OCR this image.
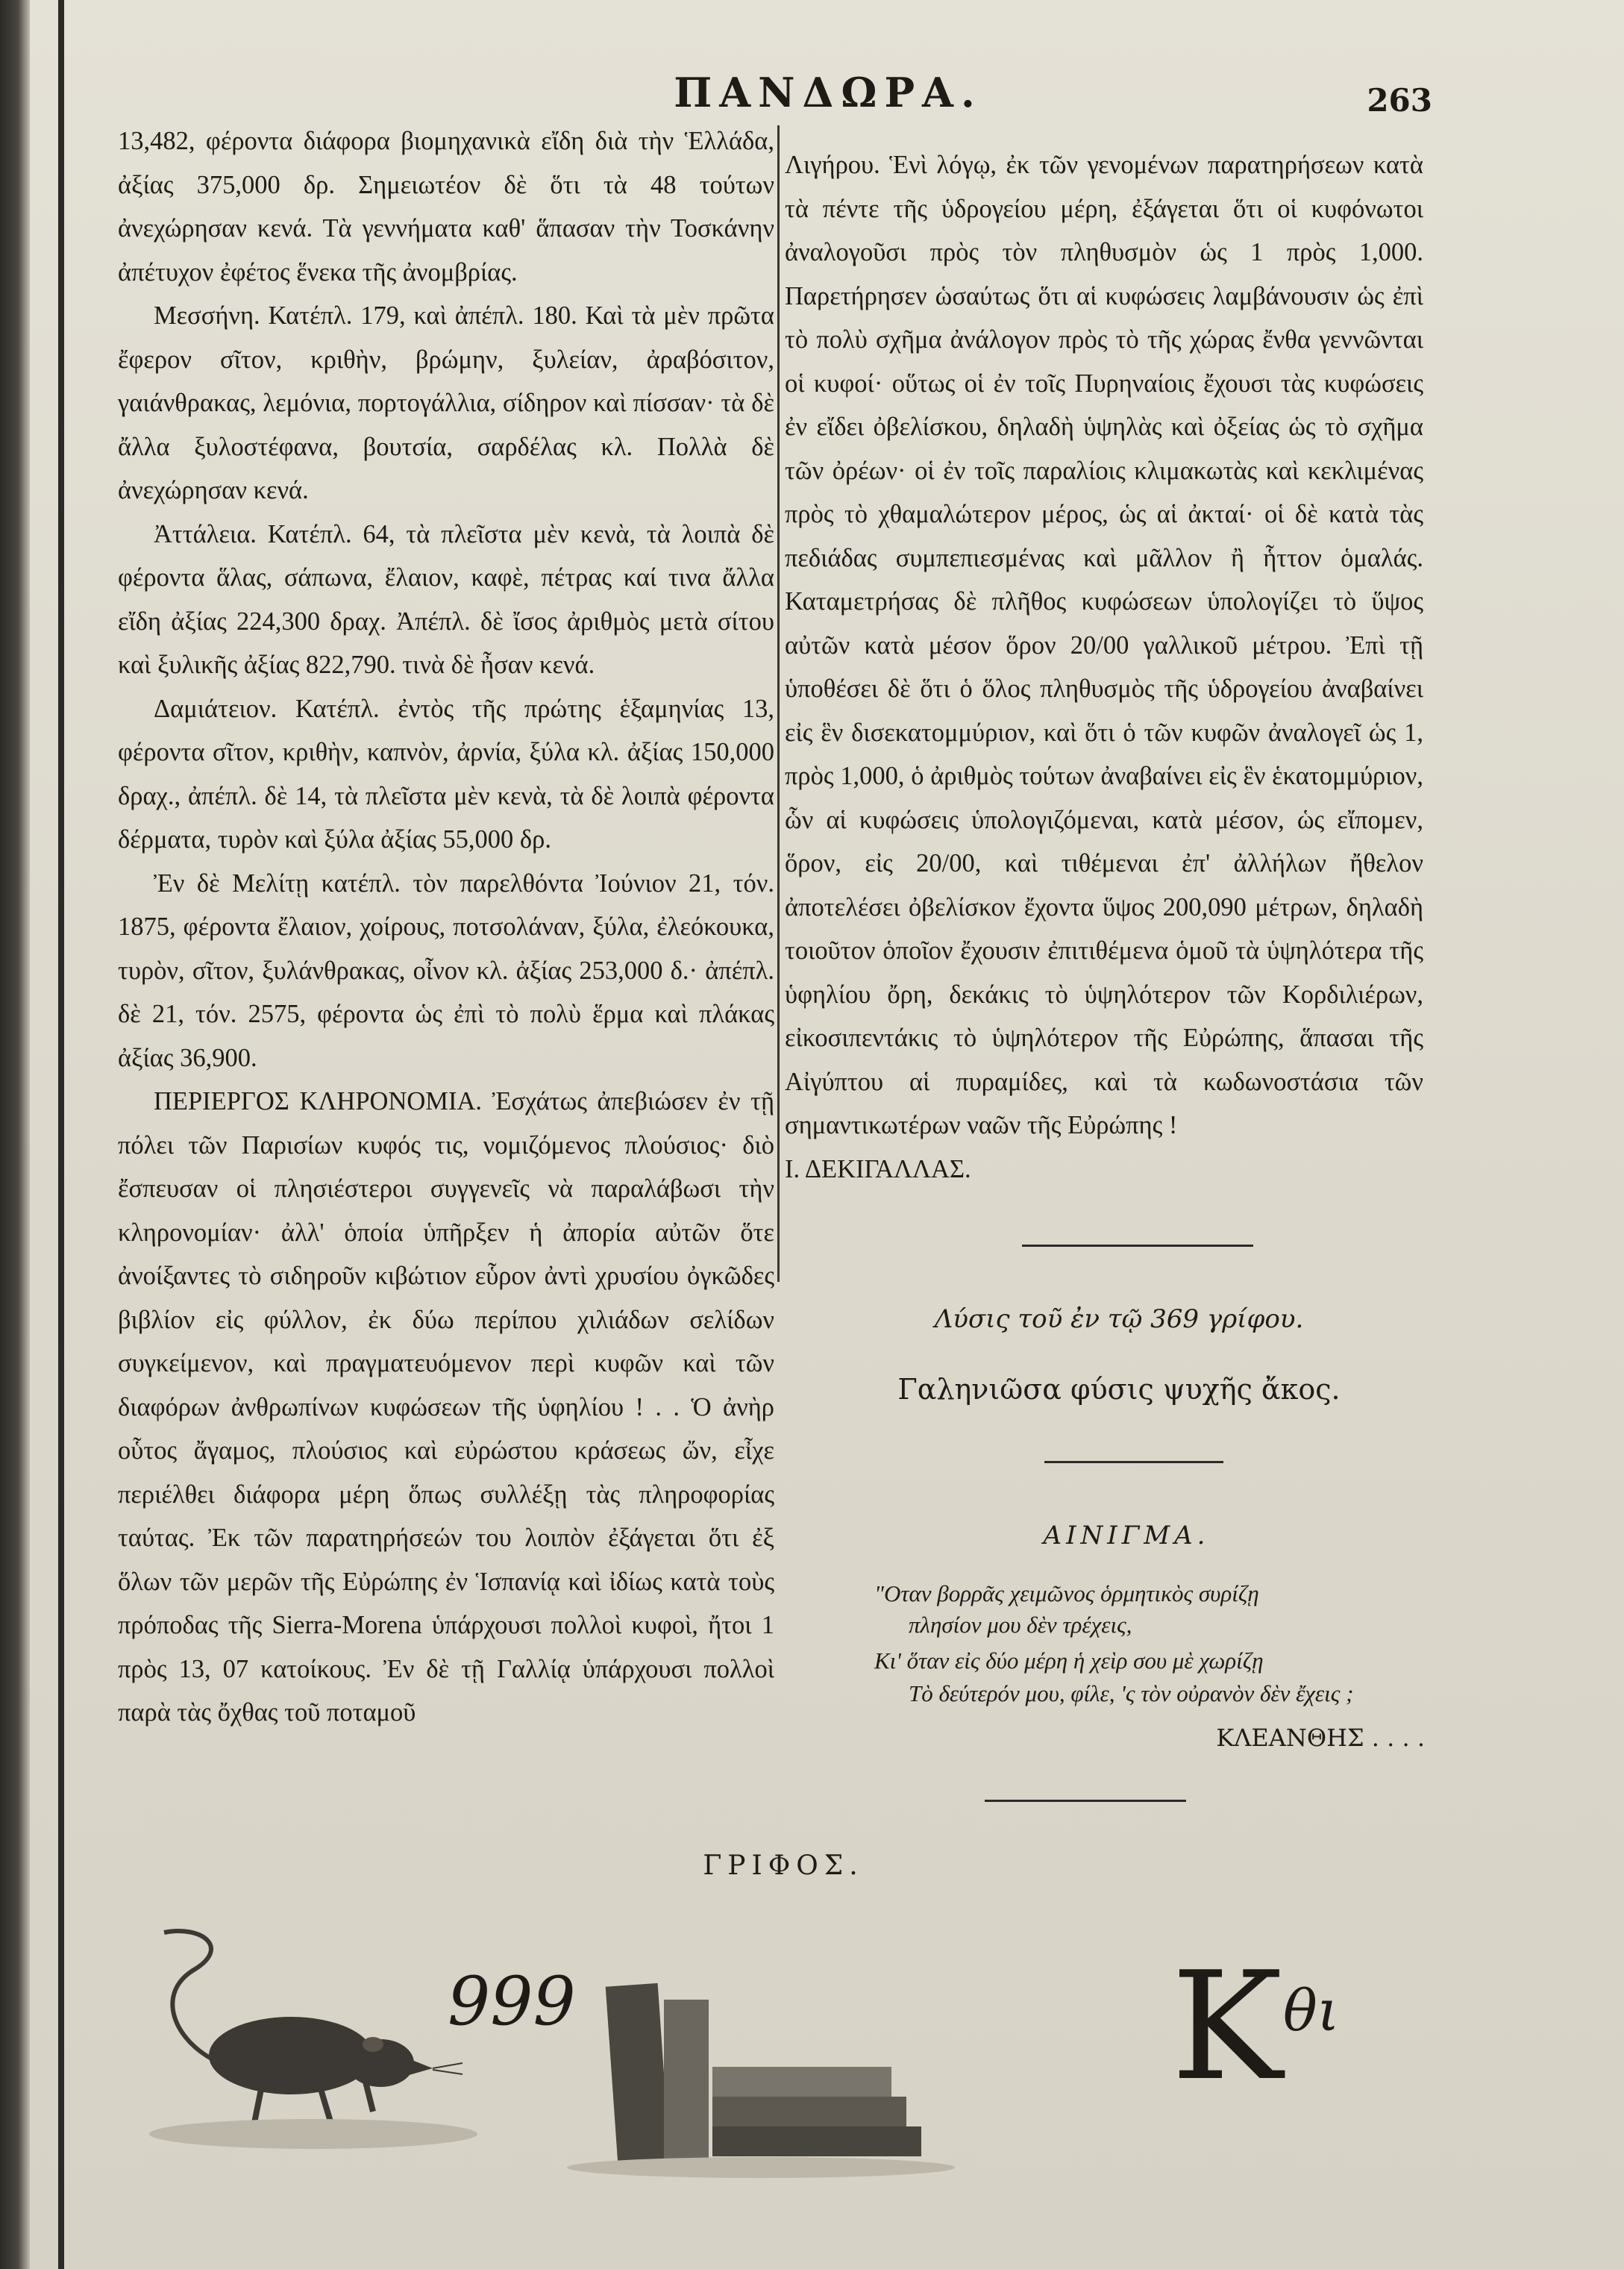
ΠΑΝΔΩΡΑ.	263

13,482, φέροντα διάφορα βιομηχανικὰ εἴδη διὰ τὴν Ἑλλάδα, ἀξίας 375,000 δρ. Σημειωτέον δὲ ὅτι τὰ 48 τούτων ἀνεχώρησαν κενά. Τὰ γεννήματα καθ' ἅπασαν τὴν Τοσκάνην ἀπέτυχον ἐφέτος ἕνεκα τῆς ἀνομβρίας.

Μεσσήνη. Κατέπλ. 179, καὶ ἀπέπλ. 180. Καὶ τὰ μὲν πρῶτα ἔφερον σῖτον, κριθὴν, βρώμην, ξυλείαν, ἀραβόσιτον, γαιάνθρακας, λεμόνια, πορτογάλλια, σίδηρον καὶ πίσσαν· τὰ δὲ ἄλλα ξυλοστέφανα, βουτσία, σαρδέλας κλ. Πολλὰ δὲ ἀνεχώρησαν κενά.

Ἀττάλεια. Κατέπλ. 64, τὰ πλεῖστα μὲν κενὰ, τὰ λοιπὰ δὲ φέροντα ἅλας, σάπωνα, ἔλαιον, καφὲ, πέτρας καί τινα ἄλλα εἴδη ἀξίας 224,300 δραχ. Ἀπέπλ. δὲ ἴσος ἀριθμὸς μετὰ σίτου καὶ ξυλικῆς ἀξίας 822,790. τινὰ δὲ ἦσαν κενά.

Δαμιάτειον. Κατέπλ. ἐντὸς τῆς πρώτης ἑξαμηνίας 13, φέροντα σῖτον, κριθὴν, καπνὸν, ἀρνία, ξύλα κλ. ἀξίας 150,000 δραχ., ἀπέπλ. δὲ 14, τὰ πλεῖστα μὲν κενὰ, τὰ δὲ λοιπὰ φέροντα δέρματα, τυρὸν καὶ ξύλα ἀξίας 55,000 δρ.

Ἐν δὲ Μελίτῃ κατέπλ. τὸν παρελθόντα Ἰούνιον 21, τόν. 1875, φέροντα ἔλαιον, χοίρους, ποτσολάναν, ξύλα, ἐλεόκουκα, τυρὸν, σῖτον, ξυλάνθρακας, οἶνον κλ. ἀξίας 253,000 δ.· ἀπέπλ. δὲ 21, τόν. 2575, φέροντα ὡς ἐπὶ τὸ πολὺ ἕρμα καὶ πλάκας ἀξίας 36,900.

ΠΕΡΙΕΡΓΟΣ ΚΛΗΡΟΝΟΜΙΑ. Ἐσχάτως ἀπεβιώσεν ἐν τῇ πόλει τῶν Παρισίων κυφός τις, νομιζόμενος πλούσιος· διὸ ἔσπευσαν οἱ πλησιέστεροι συγγενεῖς νὰ παραλάβωσι τὴν κληρονομίαν· ἀλλ' ὁποία ὑπῆρξεν ἡ ἀπορία αὐτῶν ὅτε ἀνοίξαντες τὸ σιδηροῦν κιβώτιον εὗρον ἀντὶ χρυσίου ὀγκῶδες βιβλίον εἰς φύλλον, ἐκ δύω περίπου χιλιάδων σελίδων συγκείμενον, καὶ πραγματευόμενον περὶ κυφῶν καὶ τῶν διαφόρων ἀνθρωπίνων κυφώσεων τῆς ὑφηλίου ! . . Ὁ ἀνὴρ οὗτος ἄγαμος, πλούσιος καὶ εὐρώστου κράσεως ὤν, εἶχε περιέλθει διάφορα μέρη ὅπως συλλέξῃ τὰς πληροφορίας ταύτας. Ἐκ τῶν παρατηρήσεών του λοιπὸν ἐξάγεται ὅτι ἐξ ὅλων τῶν μερῶν τῆς Εὐρώπης ἐν Ἱσπανίᾳ καὶ ἰδίως κατὰ τοὺς πρόποδας τῆς Sierra-Morena ὑπάρχουσι πολλοὶ κυφοὶ, ἤτοι 1 πρὸς 13, 07 κατοίκους. Ἐν δὲ τῇ Γαλλίᾳ ὑπάρχουσι πολλοὶ παρὰ τὰς ὄχθας τοῦ ποταμοῦ

Λιγήρου. Ἑνὶ λόγῳ, ἐκ τῶν γενομένων παρατηρήσεων κατὰ τὰ πέντε τῆς ὑδρογείου μέρη, ἐξάγεται ὅτι οἱ κυφόνωτοι ἀναλογοῦσι πρὸς τὸν πληθυσμὸν ὡς 1 πρὸς 1,000. Παρετήρησεν ὡσαύτως ὅτι αἱ κυφώσεις λαμβάνουσιν ὡς ἐπὶ τὸ πολὺ σχῆμα ἀνάλογον πρὸς τὸ τῆς χώρας ἔνθα γεννῶνται οἱ κυφοί· οὕτως οἱ ἐν τοῖς Πυρηναίοις ἔχουσι τὰς κυφώσεις ἐν εἴδει ὀβελίσκου, δηλαδὴ ὑψηλὰς καὶ ὀξείας ὡς τὸ σχῆμα τῶν ὀρέων· οἱ ἐν τοῖς παραλίοις κλιμακωτὰς καὶ κεκλιμένας πρὸς τὸ χθαμαλώτερον μέρος, ὡς αἱ ἀκταί· οἱ δὲ κατὰ τὰς πεδιάδας συμπεπιεσμένας καὶ μᾶλλον ἢ ἧττον ὁμαλάς. Καταμετρήσας δὲ πλῆθος κυφώσεων ὑπολογίζει τὸ ὕψος αὐτῶν κατὰ μέσον ὅρον 20/00 γαλλικοῦ μέτρου. Ἐπὶ τῇ ὑποθέσει δὲ ὅτι ὁ ὅλος πληθυσμὸς τῆς ὑδρογείου ἀναβαίνει εἰς ἓν δισεκατομμύριον, καὶ ὅτι ὁ τῶν κυφῶν ἀναλογεῖ ὡς 1, πρὸς 1,000, ὁ ἀριθμὸς τούτων ἀναβαίνει εἰς ἓν ἑκατομμύριον, ὧν αἱ κυφώσεις ὑπολογιζόμεναι, κατὰ μέσον, ὡς εἴπομεν, ὅρον, εἰς 20/00, καὶ τιθέμεναι ἐπ' ἀλλήλων ἤθελον ἀποτελέσει ὀβελίσκον ἔχοντα ὕψος 200,090 μέτρων, δηλαδὴ τοιοῦτον ὁποῖον ἔχουσιν ἐπιτιθέμενα ὁμοῦ τὰ ὑψηλότερα τῆς ὑφηλίου ὄρη, δεκάκις τὸ ὑψηλότερον τῶν Κορδιλιέρων, εἰκοσιπεντάκις τὸ ὑψηλότερον τῆς Εὐρώπης, ἅπασαι τῆς Αἰγύπτου αἱ πυραμίδες, καὶ τὰ κωδωνοστάσια τῶν σημαντικωτέρων ναῶν τῆς Εὐρώπης !

Ι. ΔΕΚΙΓΑΛΛΑΣ.

Λύσις τοῦ ἐν τῷ 369 γρίφου.
Γαληνιῶσα φύσις ψυχῆς ἄκος.
ΑΙΝΙΓΜΑ.
"Οταν βορρᾶς χειμῶνος ὁρμητικὸς συρίζῃ
πλησίον μου δὲν τρέχεις,
Κι' ὅταν εἰς δύο μέρη ἡ χεὶρ σου μὲ χωρίζῃ
Τὸ δεύτερόν μου, φίλε, 'ς τὸν οὐρανὸν δὲν ἔχεις ;
ΚΛΕΑΝΘΗΣ . . . .
ΓΡΙΦΟΣ.
999	K θι
